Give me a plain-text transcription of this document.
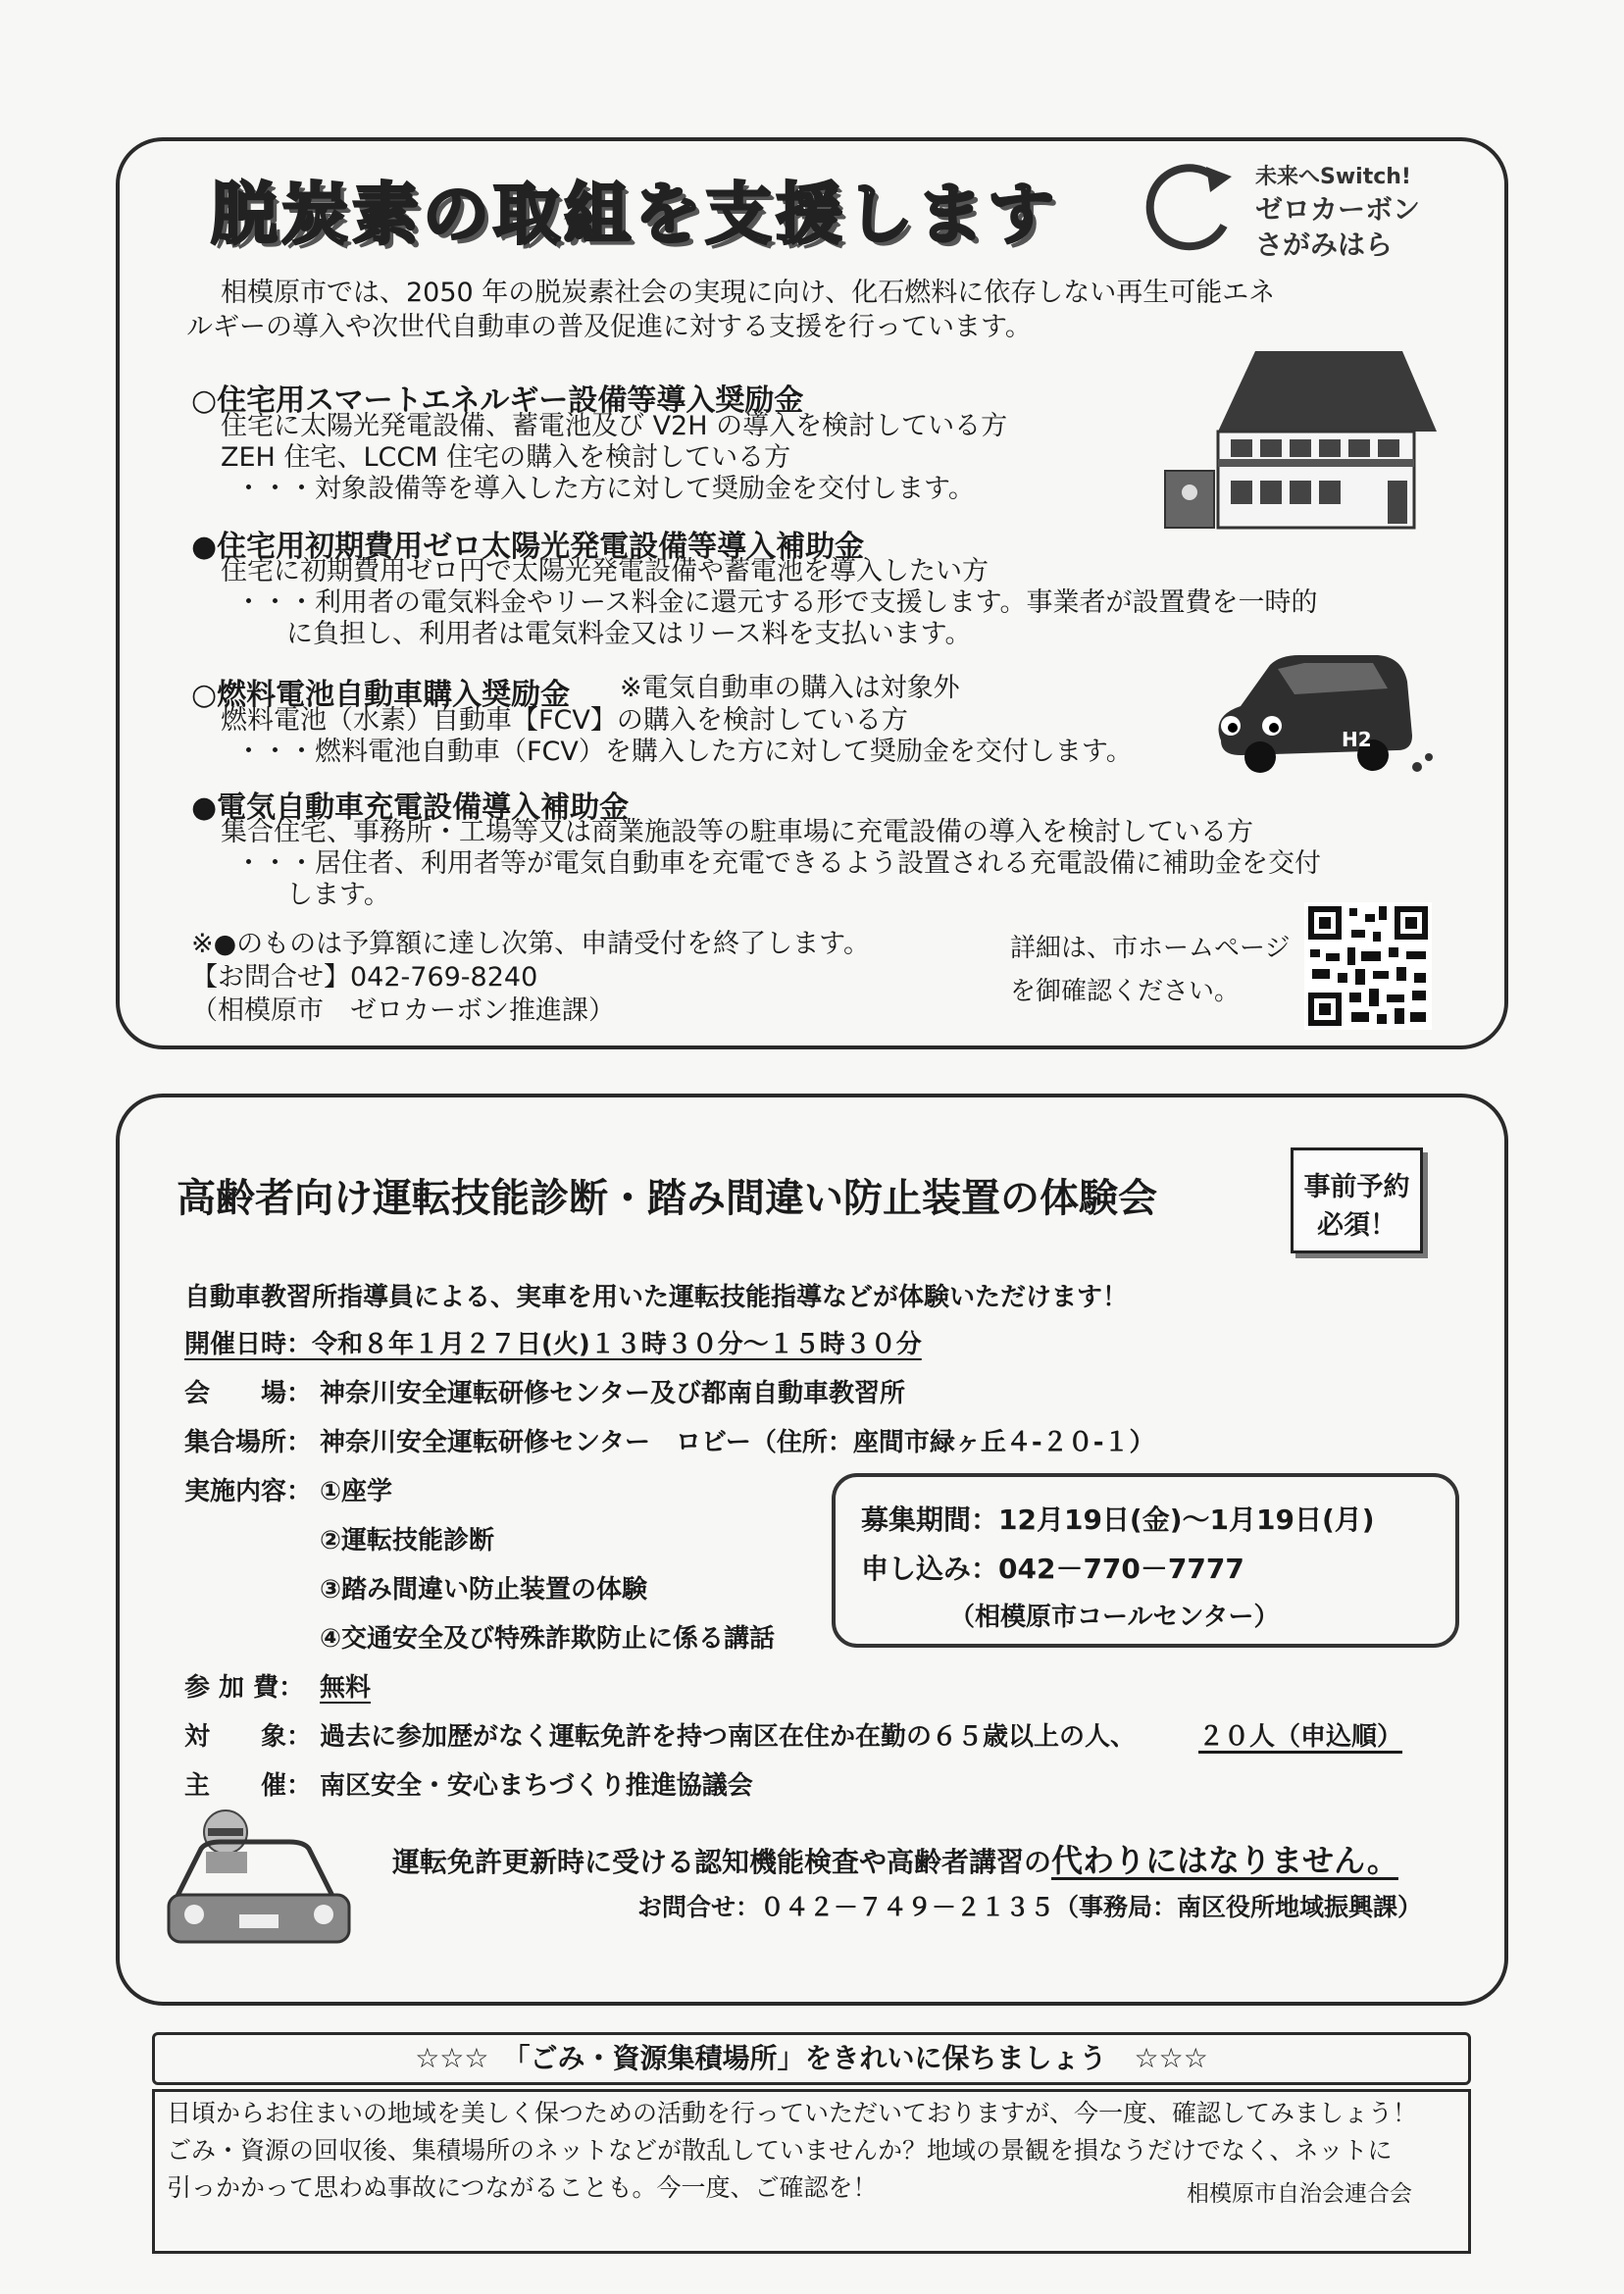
脱炭素の取組を支援します	未来へSwitch!
ゼロカーボン
さがみはら
相模原市では、2050 年の脱炭素社会の実現に向け、化石燃料に依存しない再生可能エネ
ルギーの導入や次世代自動車の普及促進に対する支援を行っています。
○住宅用スマートエネルギー設備等導入奨励金
住宅に太陽光発電設備、蓄電池及び V2H の導入を検討している方
ZEH 住宅、LCCM 住宅の購入を検討している方
・・・対象設備等を導入した方に対して奨励金を交付します。
●住宅用初期費用ゼロ太陽光発電設備等導入補助金
住宅に初期費用ゼロ円で太陽光発電設備や蓄電池を導入したい方
・・・利用者の電気料金やリース料金に還元する形で支援します。事業者が設置費を一時的
に負担し、利用者は電気料金又はリース料を支払います。
○燃料電池自動車購入奨励金 ※電気自動車の購入は対象外
燃料電池（水素）自動車【FCV】の購入を検討している方
・・・燃料電池自動車（FCV）を購入した方に対して奨励金を交付します。	H2
●電気自動車充電設備導入補助金
集合住宅、事務所・工場等又は商業施設等の駐車場に充電設備の導入を検討している方
・・・居住者、利用者等が電気自動車を充電できるよう設置される充電設備に補助金を交付
します。
※●のものは予算額に達し次第、申請受付を終了します。
【お問合せ】042-769-8240
（相模原市　ゼロカーボン推進課）
詳細は、市ホームページ
を御確認ください。
高齢者向け運転技能診断・踏み間違い防止装置の体験会	事前予約
必須！
自動車教習所指導員による、実車を用いた運転技能指導などが体験いただけます！
開催日時：令和８年１月２７日(火)１３時３０分～１５時３０分
会　　場： 神奈川安全運転研修センター及び都南自動車教習所
集合場所： 神奈川安全運転研修センター　ロビー（住所：座間市緑ヶ丘４-２０-１）
実施内容： ①座学
②運転技能診断
③踏み間違い防止装置の体験
④交通安全及び特殊詐欺防止に係る講話
募集期間：12月19日(金)～1月19日(月)
申し込み：042－770－7777
（相模原市コールセンター）
参 加 費： 無料
対　　象： 過去に参加歴がなく運転免許を持つ南区在住か在勤の６５歳以上の人、 ２０人（申込順）
主　　催： 南区安全・安心まちづくり推進協議会
運転免許更新時に受ける認知機能検査や高齢者講習の代わりにはなりません。
お問合せ：０４２－７４９－２１３５（事務局：南区役所地域振興課）
☆☆☆　「ごみ・資源集積場所」をきれいに保ちましょう　☆☆☆
日頃からお住まいの地域を美しく保つための活動を行っていただいておりますが、今一度、確認してみましょう！
ごみ・資源の回収後、集積場所のネットなどが散乱していませんか？地域の景観を損なうだけでなく、ネットに
引っかかって思わぬ事故につながることも。今一度、ご確認を！	相模原市自治会連合会
